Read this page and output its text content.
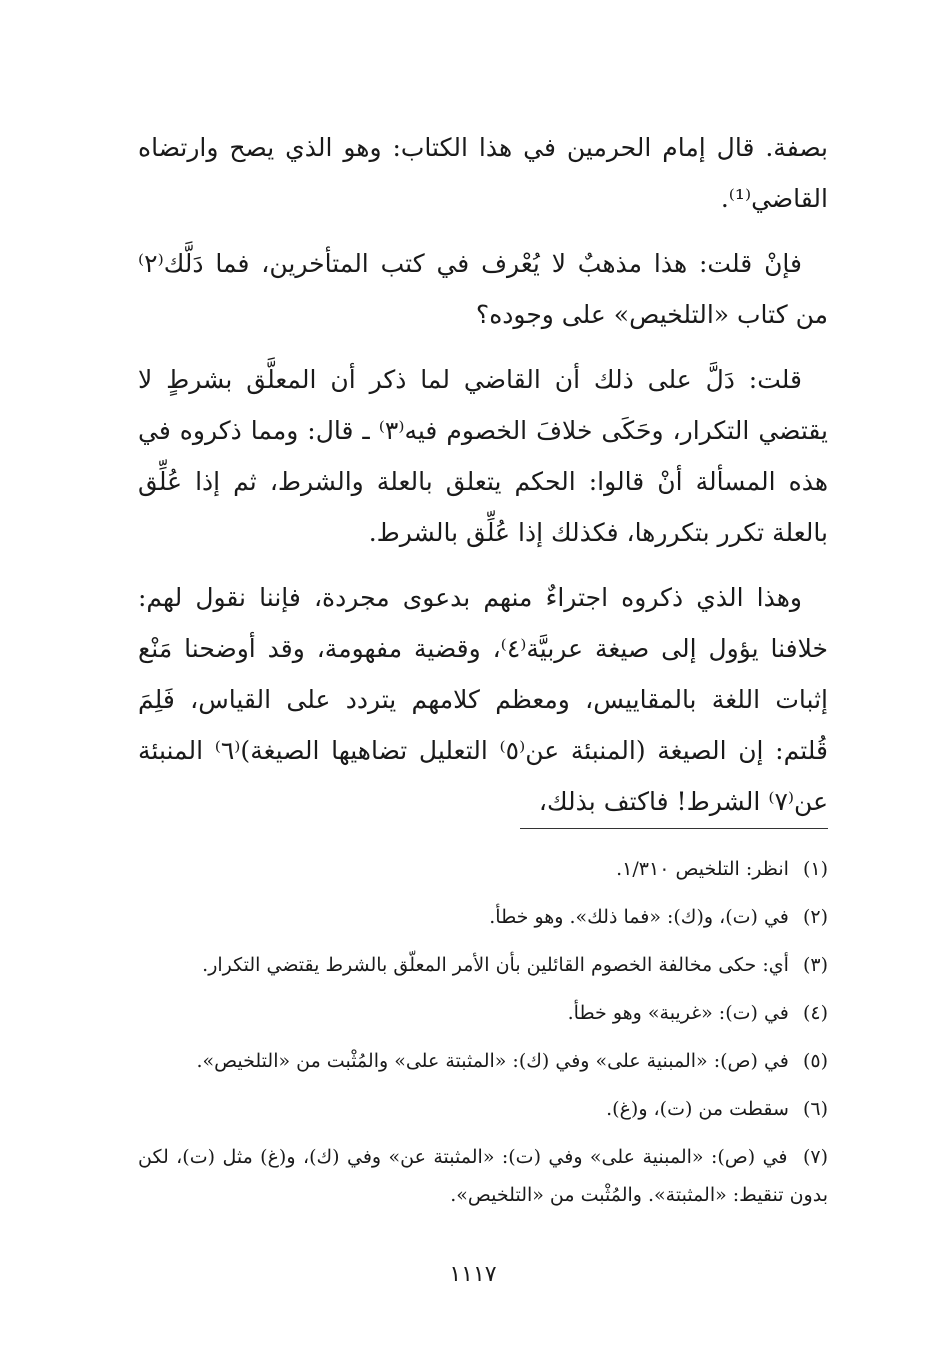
بصفة. قال إمام الحرمين في هذا الكتاب: وهو الذي يصح وارتضاه القاضي⁽¹⁾.

فإنْ قلت: هذا مذهبٌ لا يُعْرف في كتب المتأخرين، فما دَلَّك⁽٢⁾ من كتاب «التلخيص» على وجوده؟

قلت: دَلَّ على ذلك أن القاضي لما ذكر أن المعلَّق بشرطٍ لا يقتضي التكرار، وحَكَى خلافَ الخصوم فيه⁽٣⁾ ـ قال: ومما ذكروه في هذه المسألة أنْ قالوا: الحكم يتعلق بالعلة والشرط، ثم إذا عُلِّق بالعلة تكرر بتكررها، فكذلك إذا عُلِّق بالشرط.

وهذا الذي ذكروه اجتراءٌ منهم بدعوى مجردة، فإننا نقول لهم: خلافنا يؤول إلى صيغة عربيَّة⁽٤⁾، وقضية مفهومة، وقد أوضحنا مَنْع إثبات اللغة بالمقاييس، ومعظم كلامهم يتردد على القياس، فَلِمَ قُلتم: إن الصيغة (المنبئة عن⁽٥⁾ التعليل تضاهيها الصيغة)⁽٦⁾ المنبئة عن⁽٧⁾ الشرط! فاكتف بذلك،

(١) انظر: التلخيص ١/٣١٠.
(٢) في (ت)، و(ك): «فما ذلك». وهو خطأ.
(٣) أي: حكى مخالفة الخصوم القائلين بأن الأمر المعلّق بالشرط يقتضي التكرار.
(٤) في (ت): «غريبة» وهو خطأ.
(٥) في (ص): «المبنية على» وفي (ك): «المثبتة على» والمُثْبت من «التلخيص».
(٦) سقطت من (ت)، و(غ).
(٧) في (ص): «المبنية على» وفي (ت): «المثبتة عن» وفي (ك)، و(غ) مثل (ت)، لكن بدون تنقيط: «المثبتة». والمُثْبت من «التلخيص».
١١١٧
